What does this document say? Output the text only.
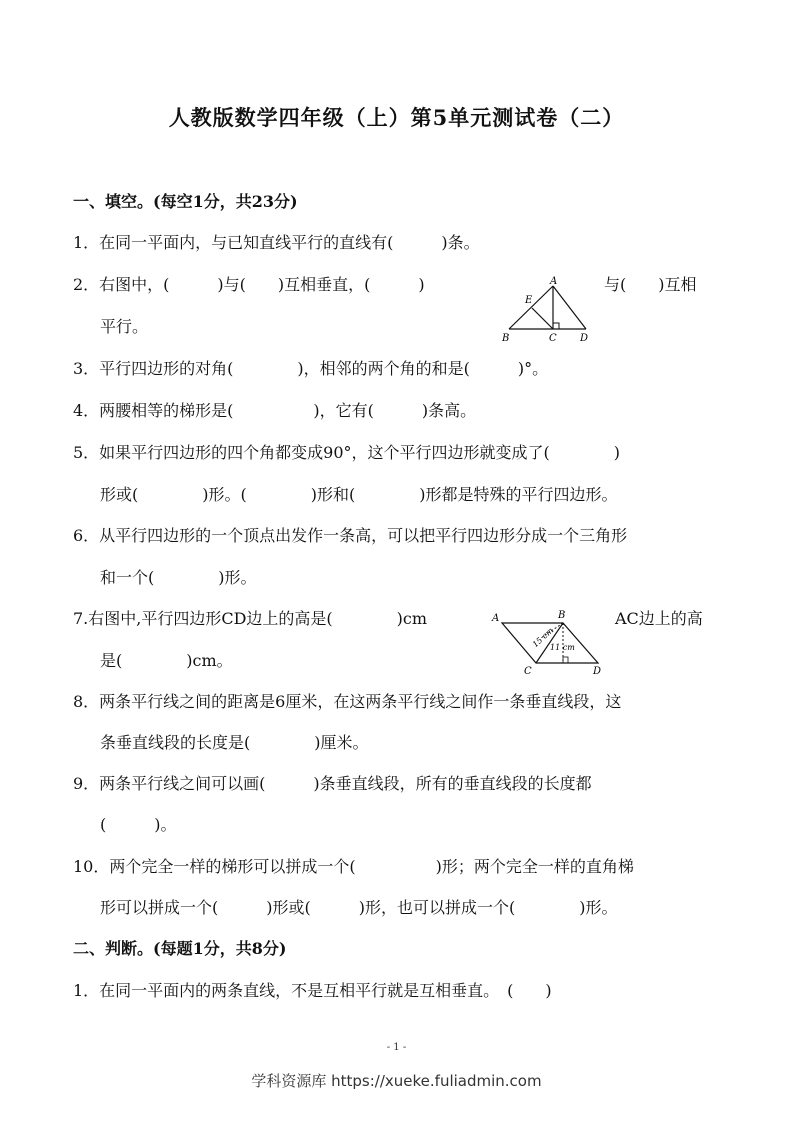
人教版数学四年级（上）第5单元测试卷（二）
一、填空。(每空1分，共23分)
1．在同一平面内，与已知直线平行的直线有(　　　)条。
2．右图中，(　　　)与(　　)互相垂直，(　　　)	与(　　)互相
平行。
A
E
B	C D
3．平行四边形的对角(　　　　)，相邻的两个角的和是(　　　)°。
4．两腰相等的梯形是(　　　　　)，它有(　　　)条高。
5．如果平行四边形的四个角都变成90°，这个平行四边形就变成了(　　　　)
形或(　　　　)形。(　　　　)形和(　　　　)形都是特殊的平行四边形。
6．从平行四边形的一个顶点出发作一条高，可以把平行四边形分成一个三角形
和一个(　　　　)形。
7.右图中,平行四边形CD边上的高是(　　　　)cm	AC边上的高
是(　　　　)cm。
A	B
C	D
15 cm
11 cm
8．两条平行线之间的距离是6厘米，在这两条平行线之间作一条垂直线段，这
条垂直线段的长度是(　　　　)厘米。
9．两条平行线之间可以画(　　　)条垂直线段，所有的垂直线段的长度都
(　　　)。
10．两个完全一样的梯形可以拼成一个(　　　　　)形；两个完全一样的直角梯
形可以拼成一个(　　　)形或(　　　)形，也可以拼成一个(　　　　)形。
二、判断。(每题1分，共8分)
1．在同一平面内的两条直线，不是互相平行就是互相垂直。　(　　)
- 1 -
学科资源库 https://xueke.fuliadmin.com
